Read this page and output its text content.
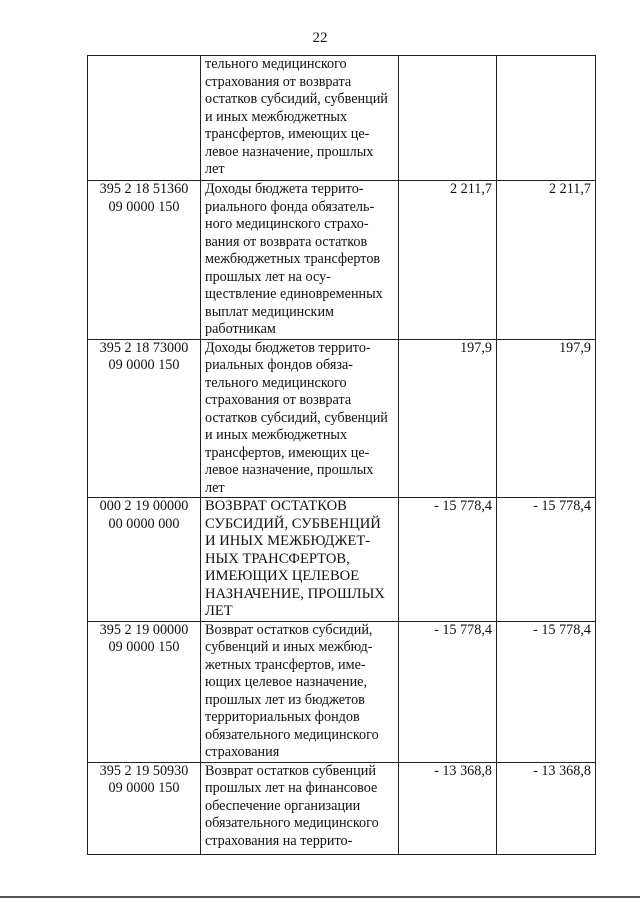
22
	тельного медицинского страхования от возврата остатков субсидий, субвенций и иных межбюджетных трансфертов, имеющих целевое назначение, прошлых лет		
395 2 18 51360 09 0000 150	Доходы бюджета территориального фонда обязательного медицинского страхования от возврата остатков межбюджетных трансфертов прошлых лет на осуществление единовременных выплат медицинским работникам	2 211,7	2 211,7
395 2 18 73000 09 0000 150	Доходы бюджетов территориальных фондов обязательного медицинского страхования от возврата остатков субсидий, субвенций и иных межбюджетных трансфертов, имеющих целевое назначение, прошлых лет	197,9	197,9
000 2 19 00000 00 0000 000	ВОЗВРАТ ОСТАТКОВ СУБСИДИЙ, СУБВЕНЦИЙ И ИНЫХ МЕЖБЮДЖЕТНЫХ ТРАНСФЕРТОВ, ИМЕЮЩИХ ЦЕЛЕВОЕ НАЗНАЧЕНИЕ, ПРОШЛЫХ ЛЕТ	- 15 778,4	- 15 778,4
395 2 19 00000 09 0000 150	Возврат остатков субсидий, субвенций и иных межбюджетных трансфертов, имеющих целевое назначение, прошлых лет из бюджетов территориальных фондов обязательного медицинского страхования	- 15 778,4	- 15 778,4
395 2 19 50930 09 0000 150	Возврат остатков субвенций прошлых лет на финансовое обеспечение организации обязательного медицинского страхования на террито-	- 13 368,8	- 13 368,8
